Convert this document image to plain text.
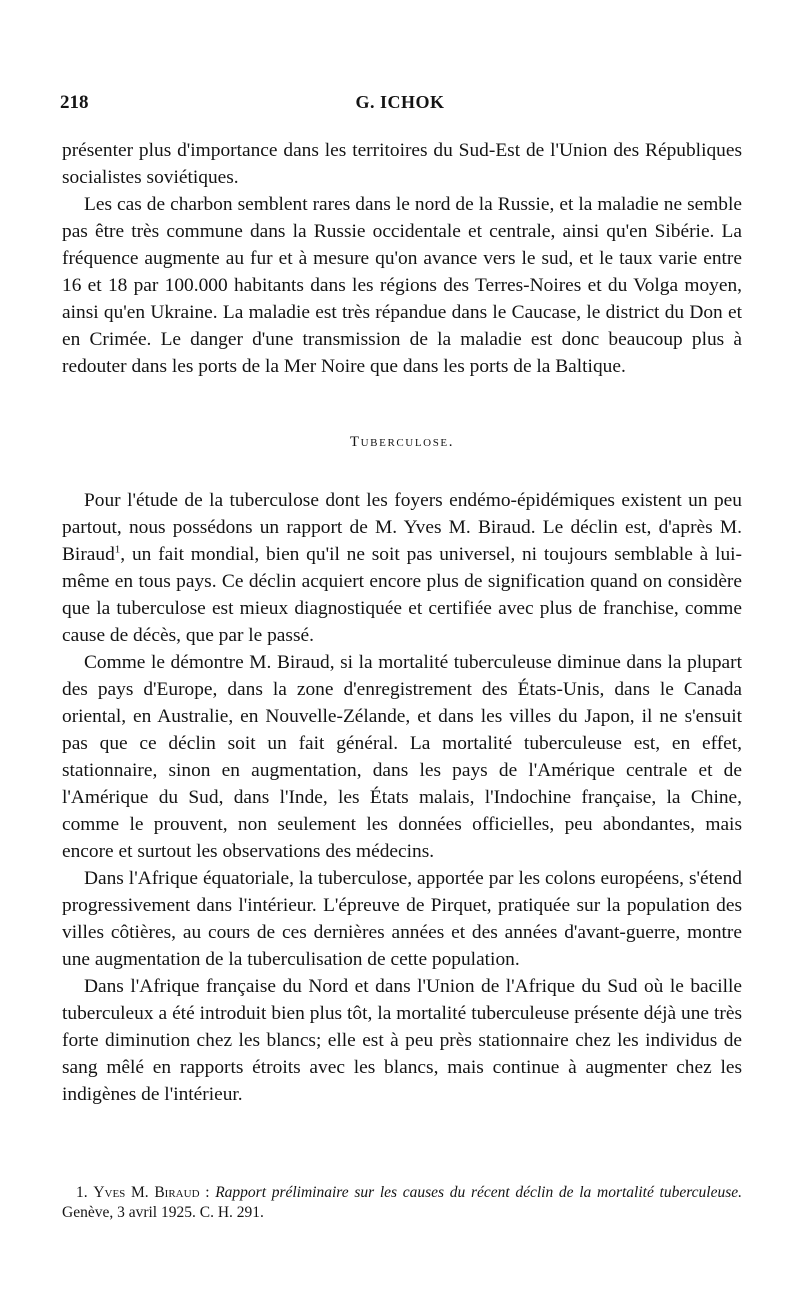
218	G. ICHOK

présenter plus d'importance dans les territoires du Sud-Est de l'Union des Républiques socialistes soviétiques.

Les cas de charbon semblent rares dans le nord de la Russie, et la maladie ne semble pas être très commune dans la Russie occidentale et centrale, ainsi qu'en Sibérie. La fréquence augmente au fur et à mesure qu'on avance vers le sud, et le taux varie entre 16 et 18 par 100.000 habitants dans les régions des Terres-Noires et du Volga moyen, ainsi qu'en Ukraine. La maladie est très répandue dans le Caucase, le district du Don et en Crimée. Le danger d'une transmission de la maladie est donc beaucoup plus à redouter dans les ports de la Mer Noire que dans les ports de la Baltique.

Tuberculose.

Pour l'étude de la tuberculose dont les foyers endémo-épidémiques existent un peu partout, nous possédons un rapport de M. Yves M. Biraud. Le déclin est, d'après M. Biraud$^1$, un fait mondial, bien qu'il ne soit pas universel, ni toujours semblable à lui-même en tous pays. Ce déclin acquiert encore plus de signification quand on considère que la tuberculose est mieux diagnostiquée et certifiée avec plus de franchise, comme cause de décès, que par le passé.

Comme le démontre M. Biraud, si la mortalité tuberculeuse diminue dans la plupart des pays d'Europe, dans la zone d'enregistrement des États-Unis, dans le Canada oriental, en Australie, en Nouvelle-Zélande, et dans les villes du Japon, il ne s'ensuit pas que ce déclin soit un fait général. La mortalité tuberculeuse est, en effet, stationnaire, sinon en augmentation, dans les pays de l'Amérique centrale et de l'Amérique du Sud, dans l'Inde, les États malais, l'Indochine française, la Chine, comme le prouvent, non seulement les données officielles, peu abondantes, mais encore et surtout les observations des médecins.

Dans l'Afrique équatoriale, la tuberculose, apportée par les colons européens, s'étend progressivement dans l'intérieur. L'épreuve de Pirquet, pratiquée sur la population des villes côtières, au cours de ces dernières années et des années d'avant-guerre, montre une augmentation de la tuberculisation de cette population.

Dans l'Afrique française du Nord et dans l'Union de l'Afrique du Sud où le bacille tuberculeux a été introduit bien plus tôt, la mortalité tuberculeuse présente déjà une très forte diminution chez les blancs; elle est à peu près stationnaire chez les individus de sang mêlé en rapports étroits avec les blancs, mais continue à augmenter chez les indigènes de l'intérieur.

1. Yves M. Biraud : Rapport préliminaire sur les causes du récent déclin de la mortalité tuberculeuse. Genève, 3 avril 1925. C. H. 291.
